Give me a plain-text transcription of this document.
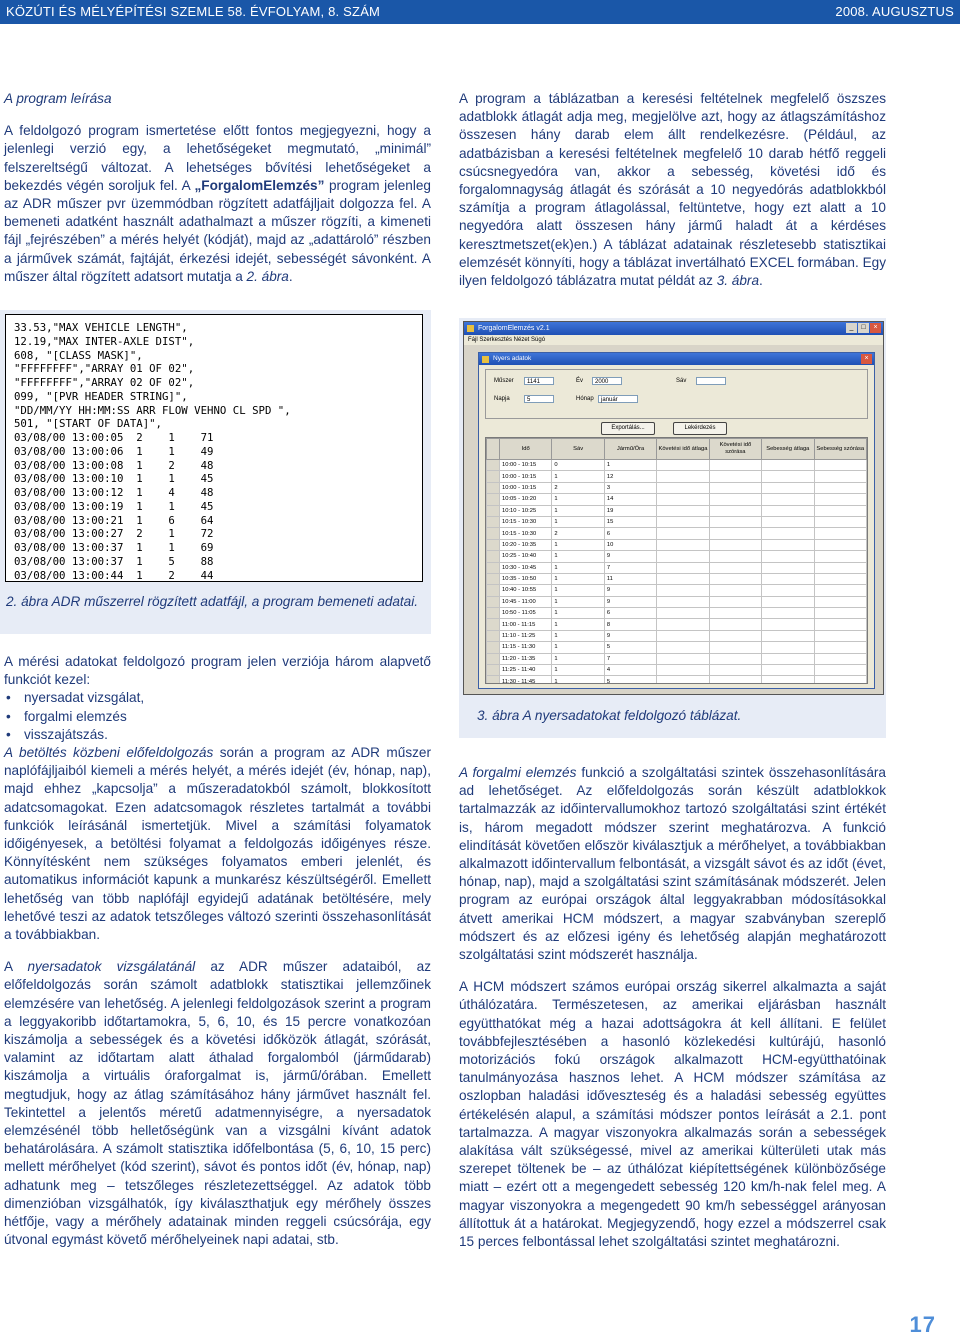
KÖZÚTI ÉS MÉLYÉPÍTÉSI SZEMLE 58. ÉVFOLYAM, 8. SZÁM	2008. AUGUSZTUS

A program leírása

A feldolgozó program ismertetése előtt fontos megjegyezni, hogy a jelenlegi verzió egy, a lehetőségeket megmutató, „minimál” felszereltségű változat. A lehetséges bővítési lehetőségeket a bekezdés végén soroljuk fel. A „ForgalomElemzés” program jelenleg az ADR műszer pvr üzemmódban rögzített adatfájljait dolgozza fel. A bemeneti adatként használt adathalmazt a műszer rögzíti, a kimeneti fájl „fejrészében” a mérés helyét (kódját), majd az „adattároló” részben a járművek számát, fajtáját, érkezési idejét, sebességét sávonként. A műszer által rögzített adatsort mutatja a 2. ábra.

A program a táblázatban a keresési feltételnek megfelelő öszszes adatblokk átlagát adja meg, megjelölve azt, hogy az átlagszámításhoz összesen hány darab elem állt rendelkezésre. (Például, az adatbázisban a keresési feltételnek megfelelő 10 darab hétfő reggeli csúcsnegyedóra van, akkor a sebesség, követési idő és forgalomnagyság átlagát és szórását a 10 negyedórás adatblokkból számítja a program átlagolással, feltüntetve, hogy ezt alatt a 10 negyedóra alatt összesen hány jármű haladt át a kérdéses keresztmetszet(ek)en.) A táblázat adatainak részletesebb statisztikai elemzését könnyíti, hogy a táblázat invertálható EXCEL formában. Egy ilyen feldolgozó táblázatra mutat példát az 3. ábra.

33.53,"MAX VEHICLE LENGTH",
12.19,"MAX INTER-AXLE DIST",
608, "[CLASS MASK]",
"FFFFFFFF","ARRAY 01 OF 02",
"FFFFFFFF","ARRAY 02 OF 02",
099, "[PVR HEADER STRING]",
"DD/MM/YY HH:MM:SS ARR FLOW VEHNO CL SPD ",
501, "[START OF DATA]",
03/08/00 13:00:05  2    1    71
03/08/00 13:00:06  1    1    49
03/08/00 13:00:08  1    2    48
03/08/00 13:00:10  1    1    45
03/08/00 13:00:12  1    4    48
03/08/00 13:00:19  1    1    45
03/08/00 13:00:21  1    6    64
03/08/00 13:00:27  2    1    72
03/08/00 13:00:37  1    1    69
03/08/00 13:00:37  1    5    88
03/08/00 13:00:44  1    2    44
2. ábra ADR műszerrel rögzített adatfájl, a program bemeneti adatai.
ForgalomElemzés v2.1	_	□	×
Fájl Szerkesztés Nézet Súgó
Nyers adatok	×
Műszer	1141	Év	2000	Sáv
Napja	5	Hónap	január
Exportálás...	Lekérdezés
	Idő	Sáv	Jármű/Óra	Követési idő átlaga	Követési idő szórása	Sebesség átlaga	Sebesség szórása
	10:00 - 10:15	0	1				
	10:00 - 10:15	1	12				
	10:00 - 10:15	2	3				
	10:05 - 10:20	1	14				
	10:10 - 10:25	1	19				
	10:15 - 10:30	1	15				
	10:15 - 10:30	2	6				
	10:20 - 10:35	1	10				
	10:25 - 10:40	1	9				
	10:30 - 10:45	1	7				
	10:35 - 10:50	1	11				
	10:40 - 10:55	1	9				
	10:45 - 11:00	1	9				
	10:50 - 11:05	1	6				
	11:00 - 11:15	1	8				
	11:10 - 11:25	1	9				
	11:15 - 11:30	1	5				
	11:20 - 11:35	1	7				
	11:25 - 11:40	1	4				
	11:30 - 11:45	1	5				
3. ábra A nyersadatokat feldolgozó táblázat.

A mérési adatokat feldolgozó program jelen verziója három alapvető funkciót kezel:

• nyersadat vizsgálat,
• forgalmi elemzés
• visszajátszás.

A betöltés közbeni előfeldolgozás során a program az ADR műszer naplófájljaiból kiemeli a mérés helyét, a mérés idejét (év, hónap, nap), majd ehhez „kapcsolja” a műszeradatokból számolt, blokkosított adatcsomagokat. Ezen adatcsomagok részletes tartalmát a további funkciók leírásánál ismertetjük. Mivel a számítási folyamatok időigényesek, a betöltési folyamat a feldolgozás időigényes része. Könnyítésként nem szükséges folyamatos emberi jelenlét, és automatikus információt kapunk a munkarész készültségéről. Emellett lehetőség van több naplófájl egyidejű adatának betöltésére, mely lehetővé teszi az adatok tetszőleges változó szerinti összehasonlítását a továbbiakban.

A nyersadatok vizsgálatánál az ADR műszer adataiból, az előfeldolgozás során számolt adatblokk statisztikai jellemzőinek elemzésére van lehetőség. A jelenlegi feldolgozások szerint a program a leggyakoribb időtartamokra, 5, 6, 10, és 15 percre vonatkozóan kiszámolja a sebességek és a követési időközök átlagát, szórását, valamint az időtartam alatt áthalad forgalomból (járműdarab) kiszámolja a virtuális óraforgalmat is, jármű/órában. Emellett megtudjuk, hogy az átlag számításához hány járművet használt fel. Tekintettel a jelentős méretű adatmennyiségre, a nyersadatok elemzésénél több helletőségünk van a vizsgálni kívánt adatok behatárolására. A számolt statisztika időfelbontása (5, 6, 10, 15 perc) mellett mérőhelyet (kód szerint), sávot és pontos időt (év, hónap, nap) adhatunk meg – tetszőleges részletezettséggel. Az adatok több dimenzióban vizsgálhatók, így kiválaszthatjuk egy mérőhely összes hétfője, vagy a mérőhely adatainak minden reggeli csúcsórája, egy útvonal egymást követő mérőhelyeinek napi adatai, stb.

A forgalmi elemzés funkció a szolgáltatási szintek összehasonlítására ad lehetőséget. Az előfeldolgozás során készült adatblokkok tartalmazzák az időintervallumokhoz tartozó szolgáltatási szint értékét is, három megadott módszer szerint meghatározva. A funkció elindítását követően először kiválasztjuk a mérőhelyet, a továbbiakban alkalmazott időintervallum felbontását, a vizsgált sávot és az időt (évet, hónap, nap), majd a szolgáltatási szint számításának módszerét. Jelen program az európai országok által leggyakrabban módosításokkal átvett amerikai HCM módszert, a magyar szabványban szereplő módszert és az előzesi igény és lehetőség alapján meghatározott szolgáltatási szint módszerét használja.

A HCM módszert számos európai ország sikerrel alkalmazta a saját úthálózatára. Természetesen, az amerikai eljárásban használt együtthatókat még a hazai adottságokra át kell állítani. E felület továbbfejlesztésében a hasonló közlekedési kultúrájú, hasonló motorizációs fokú országok alkalmazott HCM-együtthatóinak tanulmányozása hasznos lehet. A HCM módszer számítása az oszlopban haladási időveszteség és a haladási sebesség együttes értékelésén alapul, a számítási módszer pontos leírását a 2.1. pont tartalmazza. A magyar viszonyokra alkalmazás során a sebességek alakítása vált szükségessé, mivel az amerikai külterületi utak más szerepet töltenek be – az úthálózat kiépítettségének különbözősége miatt – ezért ott a megengedett sebesség 120 km/h-nak felel meg. A magyar viszonyokra a megengedett 90 km/h sebességgel arányosan állítottuk át a határokat. Megjegyzendő, hogy ezzel a módszerrel csak 15 perces felbontással lehet szolgáltatási szintet meghatározni.

17
